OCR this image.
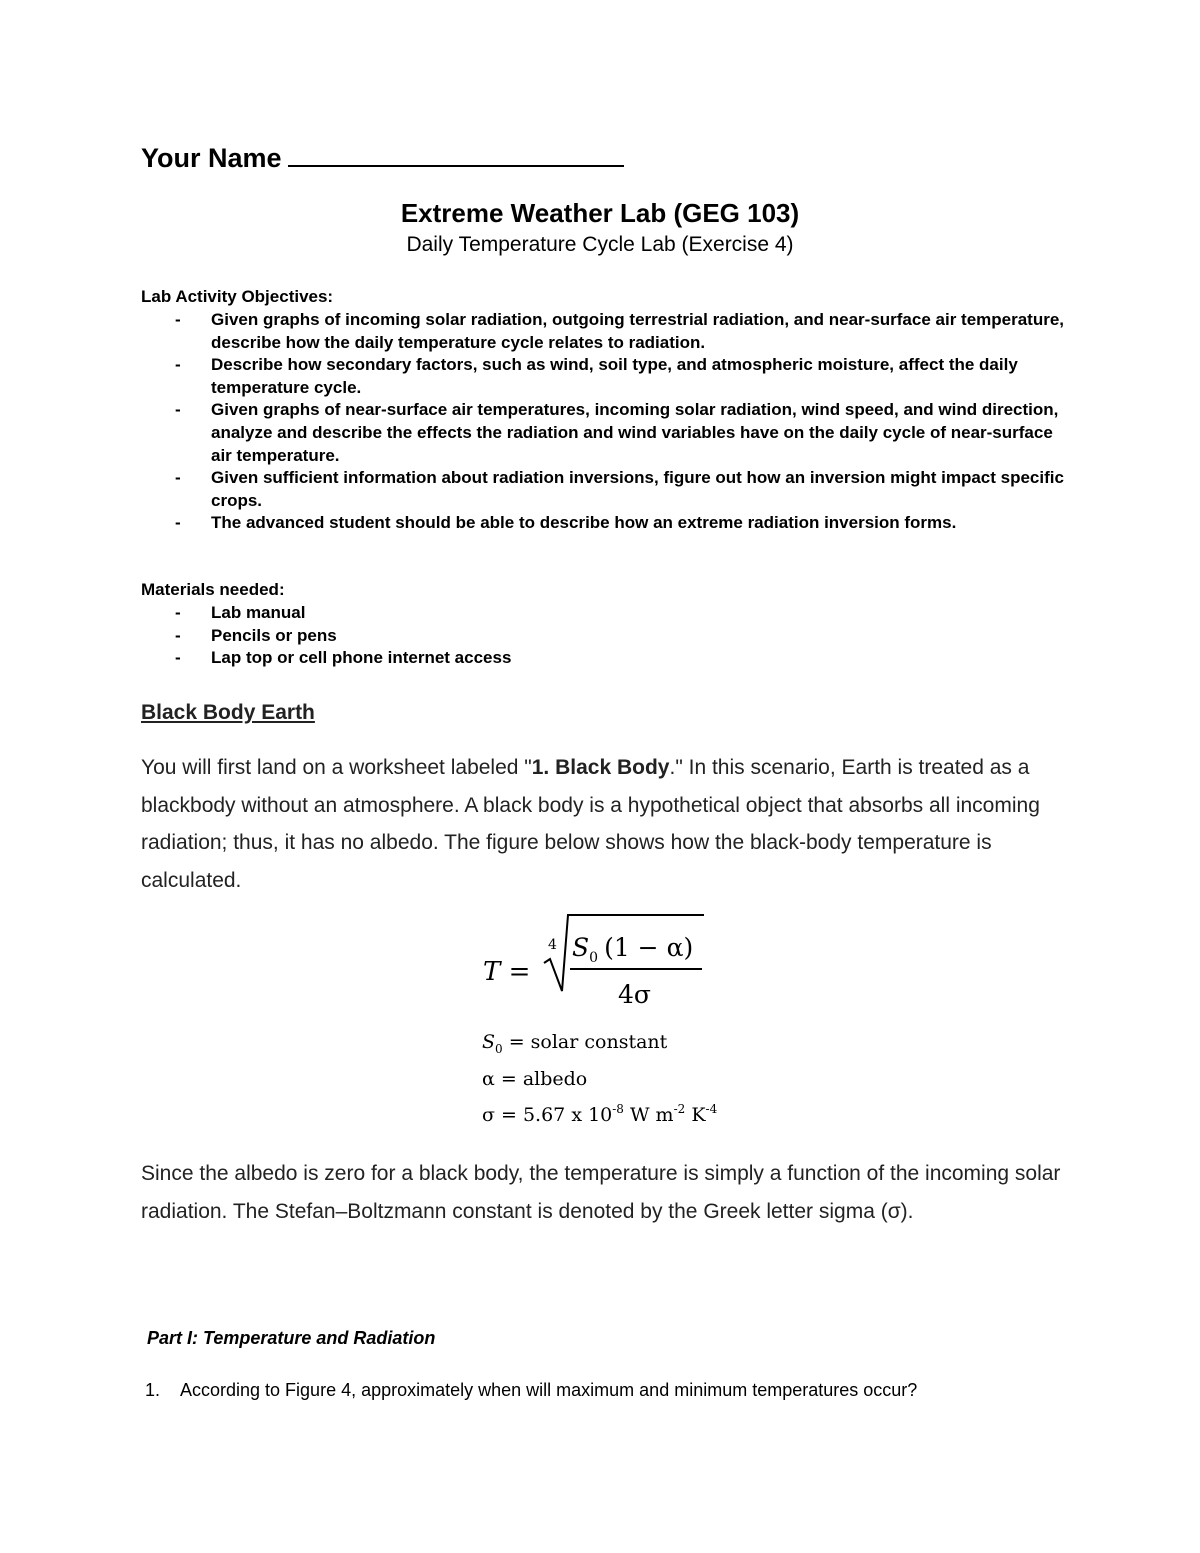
Your Name
Extreme Weather Lab (GEG 103)
Daily Temperature Cycle Lab (Exercise 4)
Lab Activity Objectives:
- Given graphs of incoming solar radiation, outgoing terrestrial radiation, and near-surface air temperature, describe how the daily temperature cycle relates to radiation.
- Describe how secondary factors, such as wind, soil type, and atmospheric moisture, affect the daily temperature cycle.
- Given graphs of near-surface air temperatures, incoming solar radiation, wind speed, and wind direction, analyze and describe the effects the radiation and wind variables have on the daily cycle of near-surface air temperature.
- Given sufficient information about radiation inversions, figure out how an inversion might impact specific crops.
- The advanced student should be able to describe how an extreme radiation inversion forms.
Materials needed:
- Lab manual
- Pencils or pens
- Lap top or cell phone internet access
Black Body Earth
You will first land on a worksheet labeled "1. Black Body." In this scenario, Earth is treated as a blackbody without an atmosphere. A black body is a hypothetical object that absorbs all incoming radiation; thus, it has no albedo. The figure below shows how the black-body temperature is calculated.
T =
4 $S_0$ (1 − α)
4σ
$S_0$ = solar constant
α = albedo
σ = 5.67 x $10^{-8}$ W $m^{-2}$ $K^{-4}$
Since the albedo is zero for a black body, the temperature is simply a function of the incoming solar radiation. The Stefan–Boltzmann constant is denoted by the Greek letter sigma (σ).
Part I: Temperature and Radiation
1. According to Figure 4, approximately when will maximum and minimum temperatures occur?
